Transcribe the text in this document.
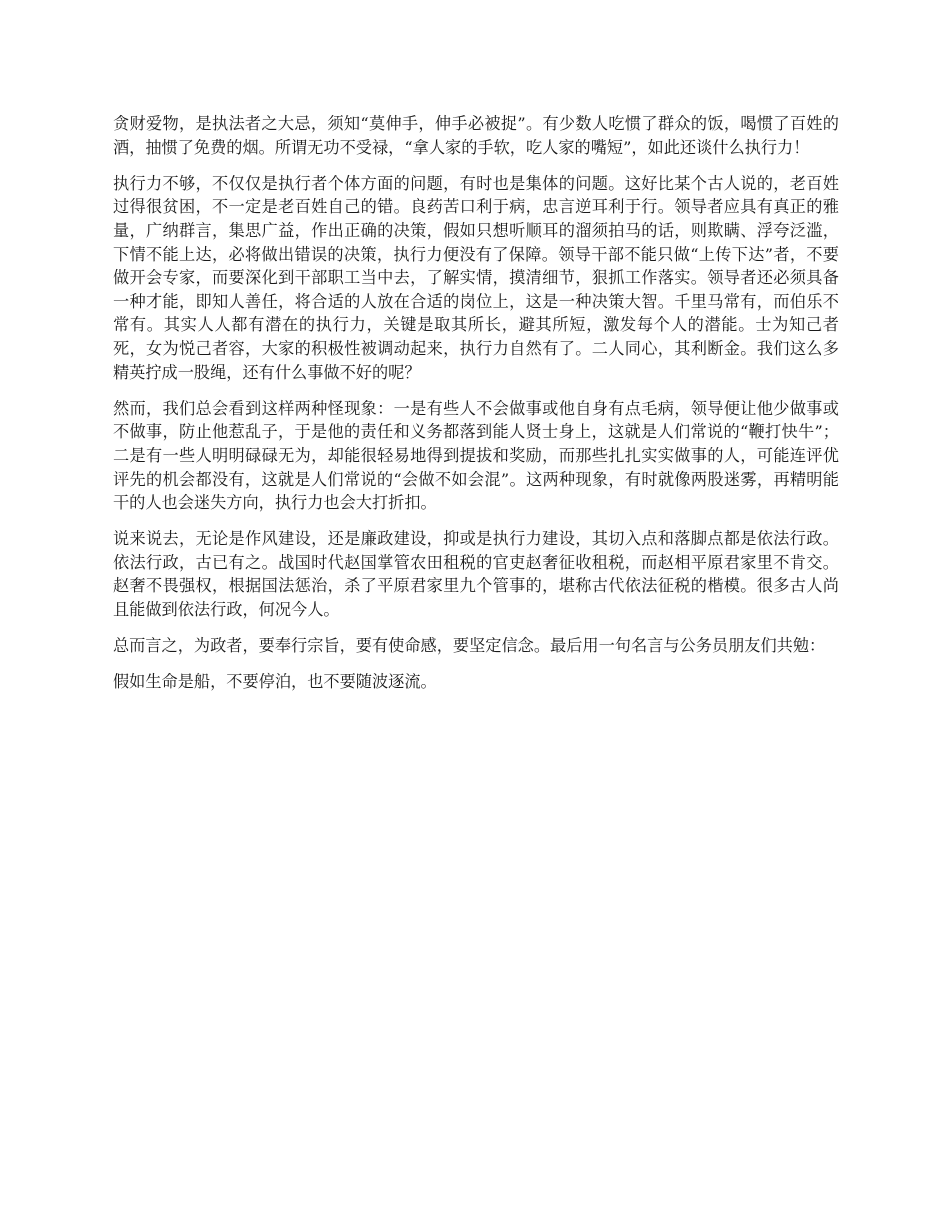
贪财爱物，是执法者之大忌，须知“莫伸手，伸手必被捉”。有少数人吃惯了群众的饭，喝惯了百姓的酒，抽惯了免费的烟。所谓无功不受禄，“拿人家的手软，吃人家的嘴短”，如此还谈什么执行力！

执行力不够，不仅仅是执行者个体方面的问题，有时也是集体的问题。这好比某个古人说的，老百姓过得很贫困，不一定是老百姓自己的错。良药苦口利于病，忠言逆耳利于行。领导者应具有真正的雅量，广纳群言，集思广益，作出正确的决策，假如只想听顺耳的溜须拍马的话，则欺瞒、浮夸泛滥，下情不能上达，必将做出错误的决策，执行力便没有了保障。领导干部不能只做“上传下达”者，不要做开会专家，而要深化到干部职工当中去，了解实情，摸清细节，狠抓工作落实。领导者还必须具备一种才能，即知人善任，将合适的人放在合适的岗位上，这是一种决策大智。千里马常有，而伯乐不常有。其实人人都有潜在的执行力，关键是取其所长，避其所短，激发每个人的潜能。士为知己者死，女为悦己者容，大家的积极性被调动起来，执行力自然有了。二人同心，其利断金。我们这么多精英拧成一股绳，还有什么事做不好的呢？

然而，我们总会看到这样两种怪现象：一是有些人不会做事或他自身有点毛病，领导便让他少做事或不做事，防止他惹乱子，于是他的责任和义务都落到能人贤士身上，这就是人们常说的“鞭打快牛”；二是有一些人明明碌碌无为，却能很轻易地得到提拔和奖励，而那些扎扎实实做事的人，可能连评优评先的机会都没有，这就是人们常说的“会做不如会混”。这两种现象，有时就像两股迷雾，再精明能干的人也会迷失方向，执行力也会大打折扣。

说来说去，无论是作风建设，还是廉政建设，抑或是执行力建设，其切入点和落脚点都是依法行政。依法行政，古已有之。战国时代赵国掌管农田租税的官吏赵奢征收租税，而赵相平原君家里不肯交。赵奢不畏强权，根据国法惩治，杀了平原君家里九个管事的，堪称古代依法征税的楷模。很多古人尚且能做到依法行政，何况今人。

总而言之，为政者，要奉行宗旨，要有使命感，要坚定信念。最后用一句名言与公务员朋友们共勉：

假如生命是船，不要停泊，也不要随波逐流。
